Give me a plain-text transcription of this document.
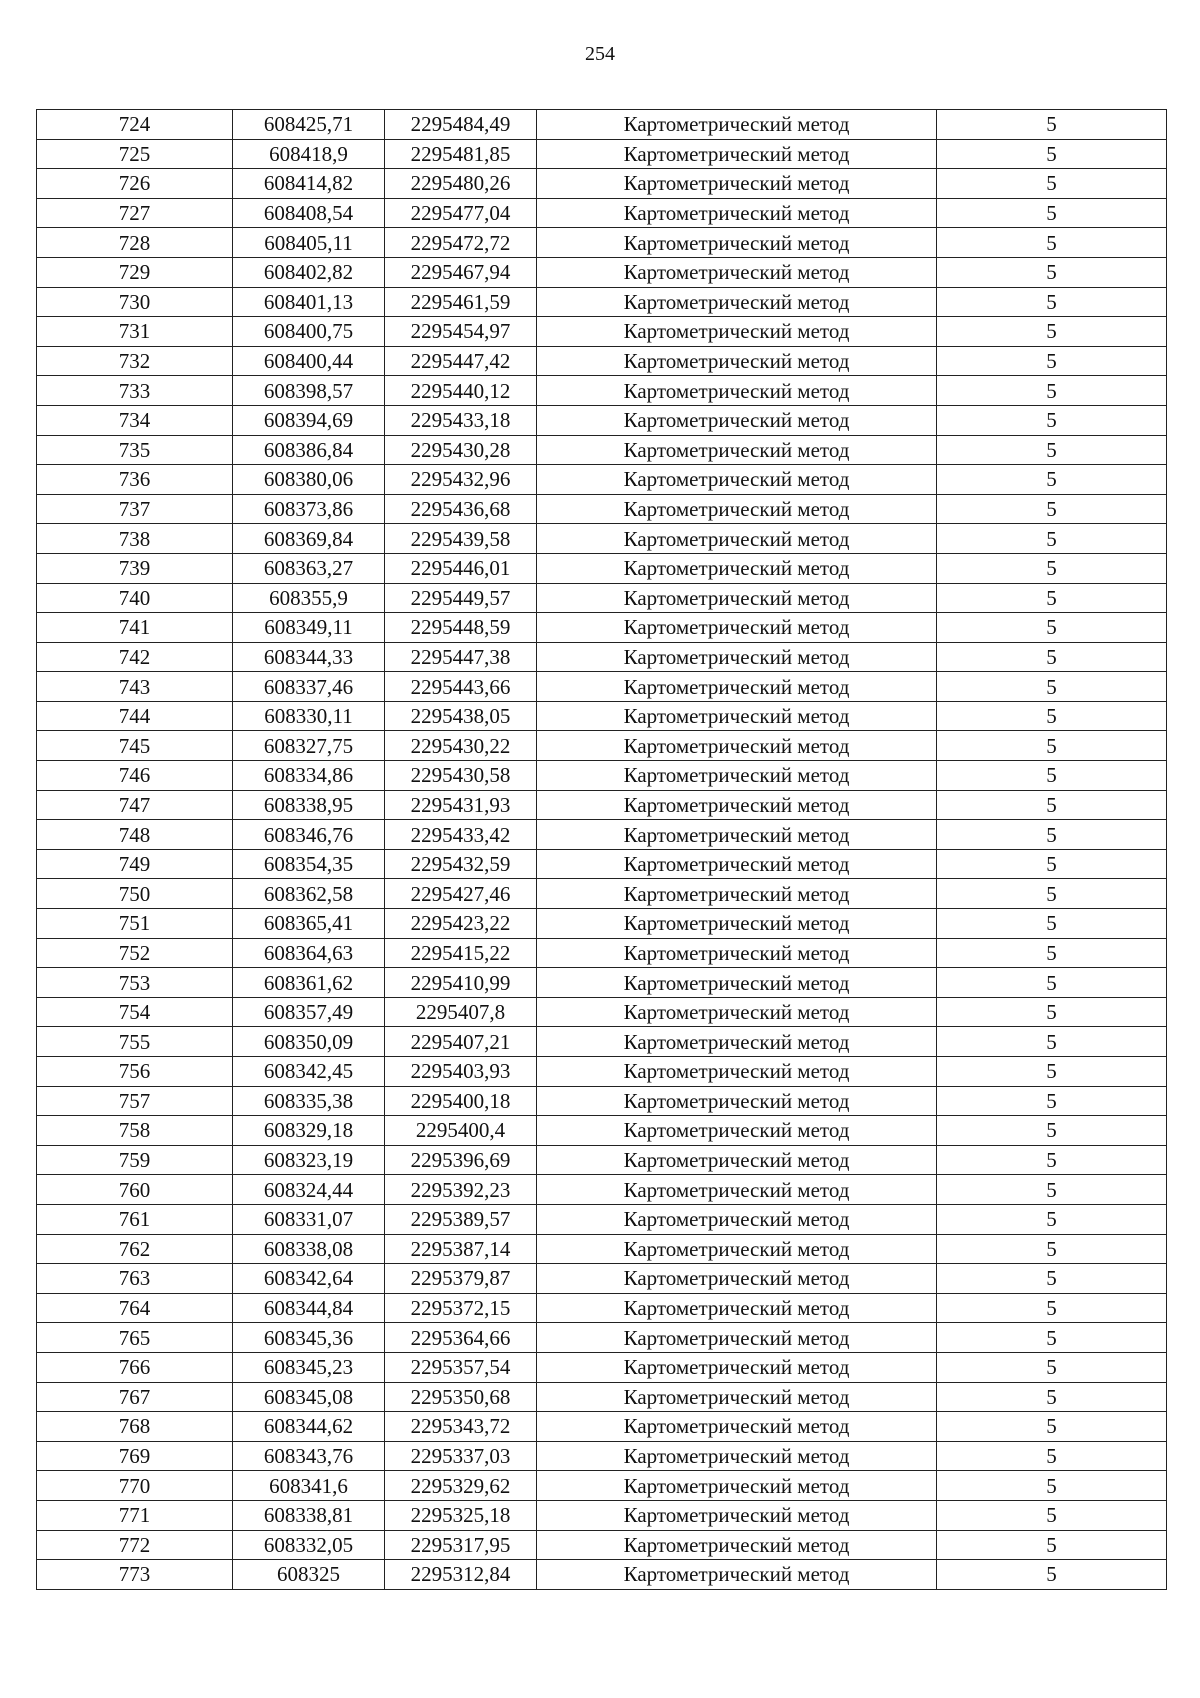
254
724	608425,71	2295484,49	Картометрический метод	5
725	608418,9	2295481,85	Картометрический метод	5
726	608414,82	2295480,26	Картометрический метод	5
727	608408,54	2295477,04	Картометрический метод	5
728	608405,11	2295472,72	Картометрический метод	5
729	608402,82	2295467,94	Картометрический метод	5
730	608401,13	2295461,59	Картометрический метод	5
731	608400,75	2295454,97	Картометрический метод	5
732	608400,44	2295447,42	Картометрический метод	5
733	608398,57	2295440,12	Картометрический метод	5
734	608394,69	2295433,18	Картометрический метод	5
735	608386,84	2295430,28	Картометрический метод	5
736	608380,06	2295432,96	Картометрический метод	5
737	608373,86	2295436,68	Картометрический метод	5
738	608369,84	2295439,58	Картометрический метод	5
739	608363,27	2295446,01	Картометрический метод	5
740	608355,9	2295449,57	Картометрический метод	5
741	608349,11	2295448,59	Картометрический метод	5
742	608344,33	2295447,38	Картометрический метод	5
743	608337,46	2295443,66	Картометрический метод	5
744	608330,11	2295438,05	Картометрический метод	5
745	608327,75	2295430,22	Картометрический метод	5
746	608334,86	2295430,58	Картометрический метод	5
747	608338,95	2295431,93	Картометрический метод	5
748	608346,76	2295433,42	Картометрический метод	5
749	608354,35	2295432,59	Картометрический метод	5
750	608362,58	2295427,46	Картометрический метод	5
751	608365,41	2295423,22	Картометрический метод	5
752	608364,63	2295415,22	Картометрический метод	5
753	608361,62	2295410,99	Картометрический метод	5
754	608357,49	2295407,8	Картометрический метод	5
755	608350,09	2295407,21	Картометрический метод	5
756	608342,45	2295403,93	Картометрический метод	5
757	608335,38	2295400,18	Картометрический метод	5
758	608329,18	2295400,4	Картометрический метод	5
759	608323,19	2295396,69	Картометрический метод	5
760	608324,44	2295392,23	Картометрический метод	5
761	608331,07	2295389,57	Картометрический метод	5
762	608338,08	2295387,14	Картометрический метод	5
763	608342,64	2295379,87	Картометрический метод	5
764	608344,84	2295372,15	Картометрический метод	5
765	608345,36	2295364,66	Картометрический метод	5
766	608345,23	2295357,54	Картометрический метод	5
767	608345,08	2295350,68	Картометрический метод	5
768	608344,62	2295343,72	Картометрический метод	5
769	608343,76	2295337,03	Картометрический метод	5
770	608341,6	2295329,62	Картометрический метод	5
771	608338,81	2295325,18	Картометрический метод	5
772	608332,05	2295317,95	Картометрический метод	5
773	608325	2295312,84	Картометрический метод	5
